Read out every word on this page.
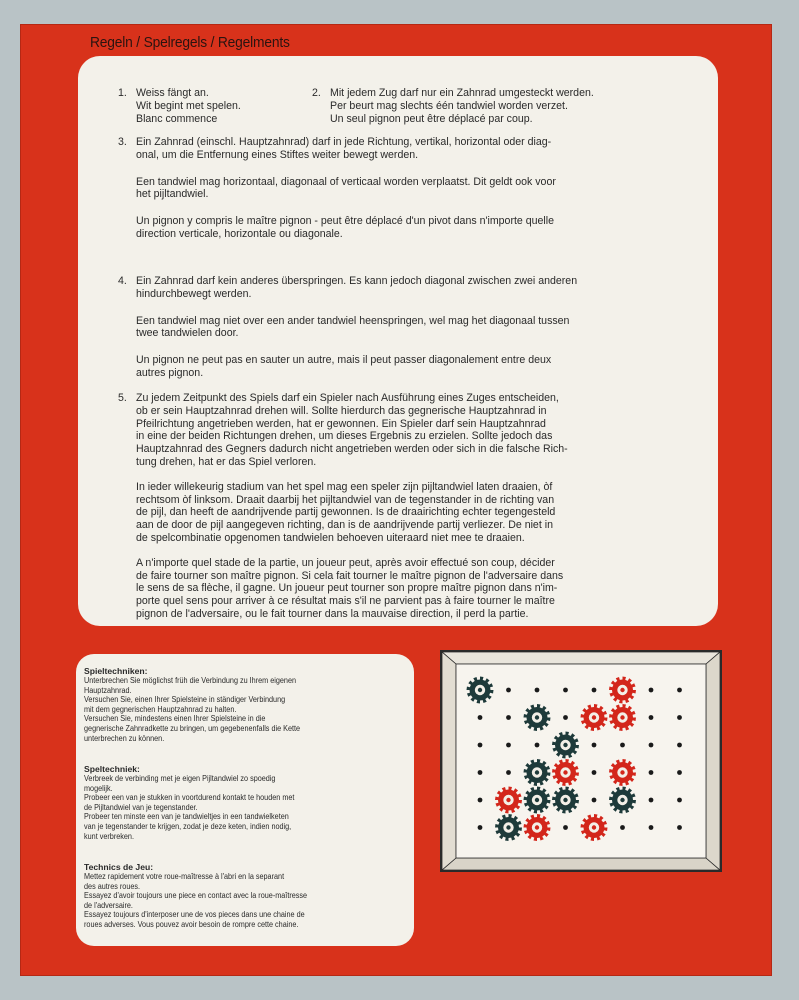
Regeln / Spelregels / Regelments
1. Weiss fängt an.

Wit begint met spelen.

Blanc commence

2. Mit jedem Zug darf nur ein Zahnrad umgesteckt werden.

Per beurt mag slechts één tandwiel worden verzet.

Un seul pignon peut être déplacé par coup.

3. Ein Zahnrad (einschl. Hauptzahnrad) darf in jede Richtung, vertikal, horizontal oder diag-

onal, um die Entfernung eines Stiftes weiter bewegt werden.

Een tandwiel mag horizontaal, diagonaal of verticaal worden verplaatst. Dit geldt ook voor

het pijltandwiel.

Un pignon y compris le maître pignon - peut être déplacé d'un pivot dans n'importe quelle

direction verticale, horizontale ou diagonale.

4. Ein Zahnrad darf kein anderes überspringen. Es kann jedoch diagonal zwischen zwei anderen

hindurchbewegt werden.

Een tandwiel mag niet over een ander tandwiel heenspringen, wel mag het diagonaal tussen

twee tandwielen door.

Un pignon ne peut pas en sauter un autre, mais il peut passer diagonalement entre deux

autres pignon.

5. Zu jedem Zeitpunkt des Spiels darf ein Spieler nach Ausführung eines Zuges entscheiden,

ob er sein Hauptzahnrad drehen will. Sollte hierdurch das gegnerische Hauptzahnrad in

Pfeilrichtung angetrieben werden, hat er gewonnen. Ein Spieler darf sein Hauptzahnrad

in eine der beiden Richtungen drehen, um dieses Ergebnis zu erzielen. Sollte jedoch das

Hauptzahnrad des Gegners dadurch nicht angetrieben werden oder sich in die falsche Rich-

tung drehen, hat er das Spiel verloren.

In ieder willekeurig stadium van het spel mag een speler zijn pijltandwiel laten draaien, òf

rechtsom òf linksom. Draait daarbij het pijltandwiel van de tegenstander in de richting van

de pijl, dan heeft de aandrijvende partij gewonnen. Is de draairichting echter tegengesteld

aan de door de pijl aangegeven richting, dan is de aandrijvende partij verliezer. De niet in

de spelcombinatie opgenomen tandwielen behoeven uiteraard niet mee te draaien.

A n'importe quel stade de la partie, un joueur peut, après avoir effectué son coup, décider

de faire tourner son maître pignon. Si cela fait tourner le maître pignon de l'adversaire dans

le sens de sa flèche, il gagne. Un joueur peut tourner son propre maître pignon dans n'im-

porte quel sens pour arriver à ce résultat mais s'il ne parvient pas à faire tourner le maître

pignon de l'adversaire, ou le fait tourner dans la mauvaise direction, il perd la partie.

Spieltechniken:
Unterbrechen Sie möglichst früh die Verbindung zu Ihrem eigenen
Hauptzahnrad.
Versuchen Sie, einen Ihrer Spielsteine in ständiger Verbindung
mit dem gegnerischen Hauptzahnrad zu halten.
Versuchen Sie, mindestens einen Ihrer Spielsteine in die
gegnerische Zahnradkette zu bringen, um gegebenenfalls die Kette
unterbrechen zu können.
Speltechniek:
Verbreek de verbinding met je eigen Pijltandwiel zo spoedig
mogelijk.
Probeer een van je stukken in voortdurend kontakt te houden met
de Pijltandwiel van je tegenstander.
Probeer ten minste een van je tandwieltjes in een tandwielketen
van je tegenstander te krijgen, zodat je deze keten, indien nodig,
kunt verbreken.
Technics de Jeu:
Mettez rapidement votre roue-maîtresse à l'abri en la separant
des autres roues.
Essayez d'avoir toujours une piece en contact avec la roue-maîtresse
de l'adversaire.
Essayez toujours d'interposer une de vos pieces dans une chaine de
roues adverses. Vous pouvez avoir besoin de rompre cette chaine.
